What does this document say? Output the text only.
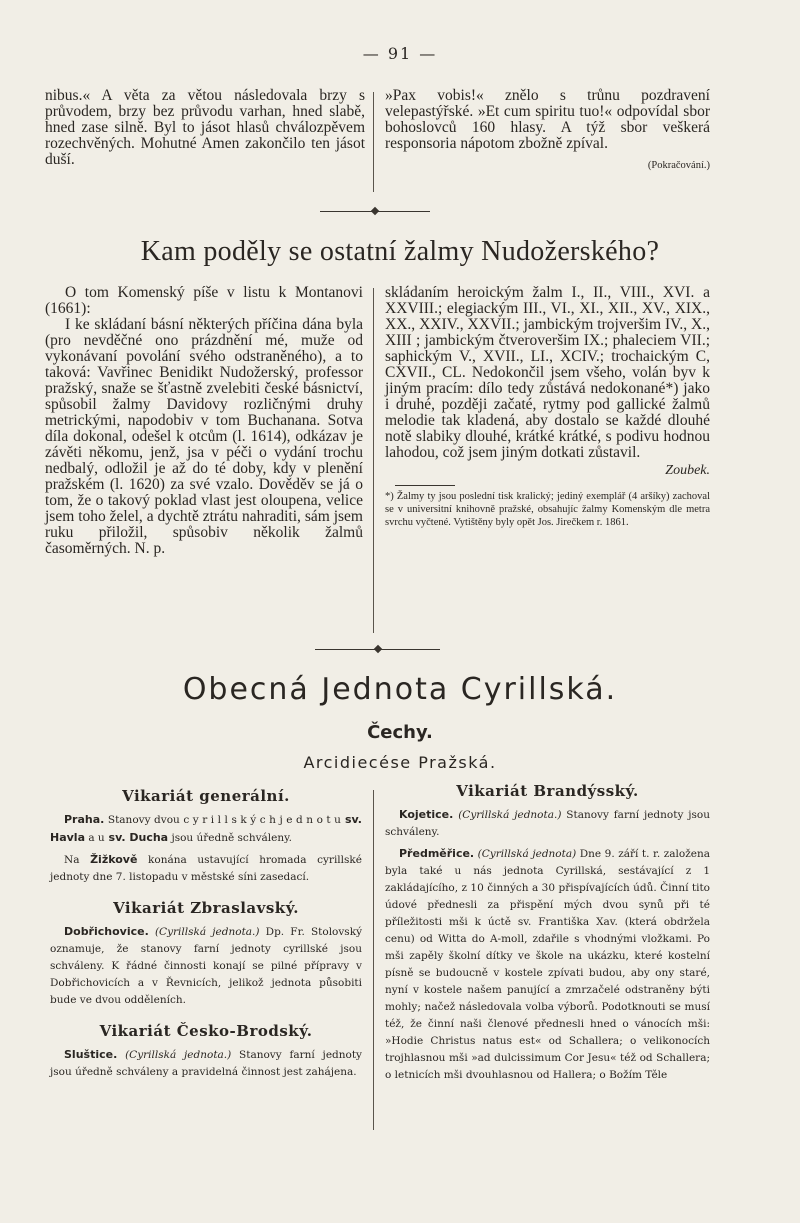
— 91 —

nibus.« A věta za větou následovala brzy s průvodem, brzy bez průvodu varhan, hned slabě, hned zase silně. Byl to jásot hlasů chválozpěvem rozechvěných. Mohutné Amen zakončilo ten jásot duší.

»Pax vobis!« znělo s trůnu pozdravení velepastýřské. »Et cum spiritu tuo!« odpovídal sbor bohoslovců 160 hlasy. A týž sbor veškerá responsoria nápotom zbožně zpíval.

(Pokračování.)
Kam poděly se ostatní žalmy Nudožerského?

O tom Komenský píše v listu k Montanovi (1661):

I ke skládaní básní některých příčina dána byla (pro nevděčné ono prázdnění mé, muže od vykonávaní povolání svého odstraněného), a to taková: Vavřinec Benidikt Nudožerský, professor pražský, snaže se šťastně zvelebiti české básnictví, spůsobil žalmy Davidovy rozličnými druhy metrickými, napodobiv v tom Buchanana. Sotva díla dokonal, odešel k otcům (l. 1614), odkázav je závěti někomu, jenž, jsa v péči o vydání trochu nedbalý, odložil je až do té doby, kdy v plenění pražském (l. 1620) za své vzalo. Dověděv se já o tom, že o takový poklad vlast jest oloupena, velice jsem toho želel, a dychtě ztrátu nahraditi, sám jsem ruku přiložil, spůsobiv několik žalmů časoměrných. N. p.

skládaním heroickým žalm I., II., VIII., XVI. a XXVIII.; elegiackým III., VI., XI., XII., XV., XIX., XX., XXIV., XXVII.; jambickým trojveršim IV., X., XIII ; jambickým čtveroveršim IX.; phaleciem VII.; saphickým V., XVII., LI., XCIV.; trochaickým C, CXVII., CL. Nedokončil jsem všeho, volán byv k jiným pracím: dílo tedy zůstává nedokonané*) jako i druhé, později začaté, rytmy pod gallické žalmů melodie tak kladená, aby dostalo se každé dlouhé notě slabiky dlouhé, krátké krátké, s podivu hodnou lahodou, což jsem jiným dotkati zůstavil.

Zoubek.

*) Žalmy ty jsou poslední tisk kralický; jediný exemplář (4 aršíky) zachoval se v universitní knihovně pražské, obsahujíc žalmy Komenským dle metra svrchu vyčtené. Vytištěny byly opět Jos. Jirečkem r. 1861.

Obecná Jednota Cyrillská.
Čechy.
Arcidiecése Pražská.
Vikariát generální.

Praha. Stanovy dvou c y r i l l s k ý c h j e d n o t u sv. Havla a u sv. Ducha jsou úředně schváleny.

Na Žižkově konána ustavující hromada cyrillské jednoty dne 7. listopadu v městské síni zasedací.

Vikariát Zbraslavský.

Dobřichovice. (Cyrillská jednota.) Dp. Fr. Stolovský oznamuje, že stanovy farní jednoty cyrillské jsou schváleny. K řádné činnosti konají se pilné přípravy v Dobřichovicích a v Řevnicích, jelikož jednota působiti bude ve dvou odděleních.

Vikariát Česko-Brodský.

Sluštice. (Cyrillská jednota.) Stanovy farní jednoty jsou úředně schváleny a pravidelná činnost jest zahájena.

Vikariát Brandýsský.

Kojetice. (Cyrillská jednota.) Stanovy farní jednoty jsou schváleny.

Předměřice. (Cyrillská jednota) Dne 9. září t. r. založena byla také u nás jednota Cyrillská, sestávající z 1 zakládajícího, z 10 činných a 30 přispívajících údů. Činní tito údové přednesli za přispění mých dvou synů při té příležitosti mši k úctě sv. Františka Xav. (která obdržela cenu) od Witta do A-moll, zdařile s vhodnými vložkami. Po mši zapěly školní dítky ve škole na ukázku, které kostelní písně se budoucně v kostele zpívati budou, aby ony staré, nyní v kostele našem panující a zmrzačelé odstraněny býti mohly; načež následovala volba výborů. Podotknouti se musí též, že činní naši členové přednesli hned o vánocích mši: »Hodie Christus natus est« od Schallera; o velikonocích trojhlasnou mši »ad dulcissimum Cor Jesu« též od Schallera; o letnicích mši dvouhlasnou od Hallera; o Božím Těle
